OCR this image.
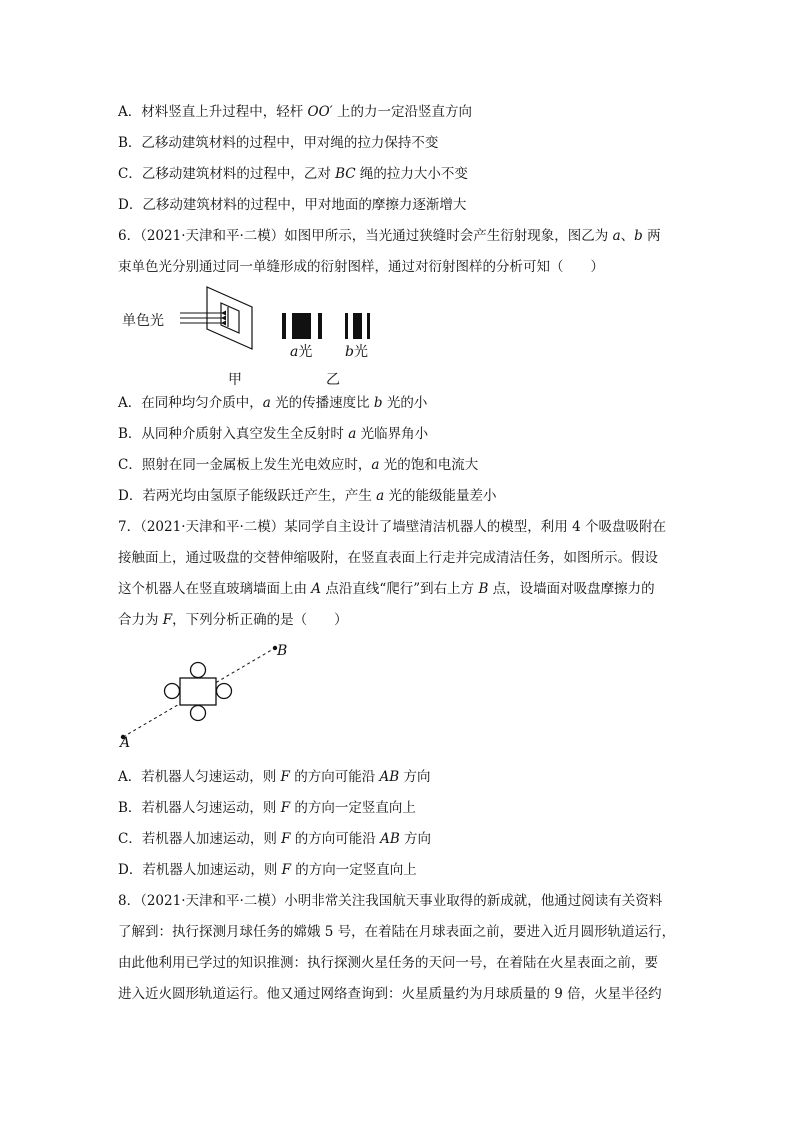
A．材料竖直上升过程中，轻杆 OO′ 上的力一定沿竖直方向
B．乙移动建筑材料的过程中，甲对绳的拉力保持不变
C．乙移动建筑材料的过程中，乙对 BC 绳的拉力大小不变
D．乙移动建筑材料的过程中，甲对地面的摩擦力逐渐增大
6．（2021·天津和平·二模）如图甲所示，当光通过狭缝时会产生衍射现象，图乙为 a、b 两
束单色光分别通过同一单缝形成的衍射图样，通过对衍射图样的分析可知（　　）
单色光
a光 b光
甲	乙
A．在同种均匀介质中，a 光的传播速度比 b 光的小
B．从同种介质射入真空发生全反射时 a 光临界角小
C．照射在同一金属板上发生光电效应时，a 光的饱和电流大
D．若两光均由氢原子能级跃迁产生，产生 a 光的能级能量差小
7．（2021·天津和平·二模）某同学自主设计了墙壁清洁机器人的模型，利用 4 个吸盘吸附在
接触面上，通过吸盘的交替伸缩吸附，在竖直表面上行走并完成清洁任务，如图所示。假设
这个机器人在竖直玻璃墙面上由 A 点沿直线“爬行”到右上方 B 点，设墙面对吸盘摩擦力的
合力为 F，下列分析正确的是（　　）
A
B
A．若机器人匀速运动，则 F 的方向可能沿 AB 方向
B．若机器人匀速运动，则 F 的方向一定竖直向上
C．若机器人加速运动，则 F 的方向可能沿 AB 方向
D．若机器人加速运动，则 F 的方向一定竖直向上
8．（2021·天津和平·二模）小明非常关注我国航天事业取得的新成就，他通过阅读有关资料
了解到：执行探测月球任务的嫦娥 5 号，在着陆在月球表面之前，要进入近月圆形轨道运行，
由此他利用已学过的知识推测：执行探测火星任务的天问一号，在着陆在火星表面之前，要
进入近火圆形轨道运行。他又通过网络查询到：火星质量约为月球质量的 9 倍，火星半径约
